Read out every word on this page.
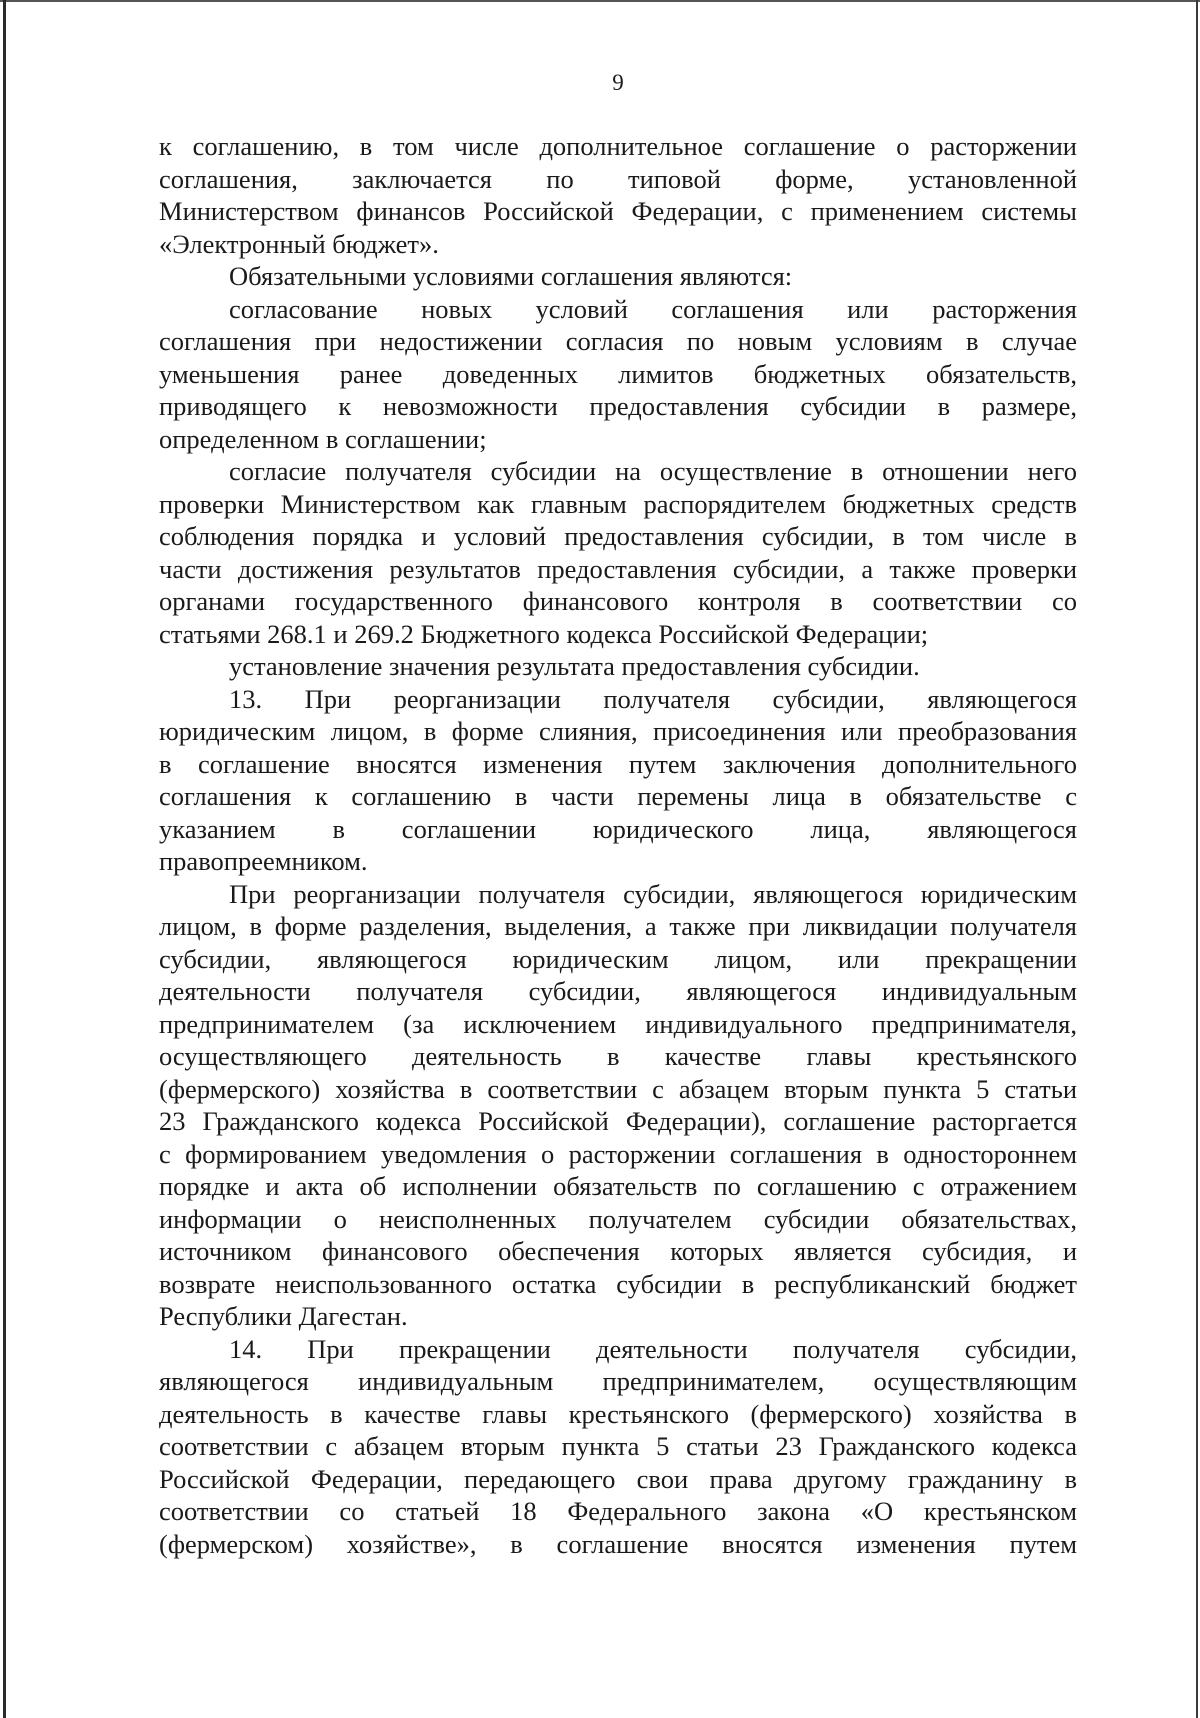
9
к соглашению, в том числе дополнительное соглашение о расторжении
соглашения, заключается по типовой форме, установленной
Министерством финансов Российской Федерации, с применением системы
«Электронный бюджет».
Обязательными условиями соглашения являются:
согласование новых условий соглашения или расторжения
соглашения при недостижении согласия по новым условиям в случае
уменьшения ранее доведенных лимитов бюджетных обязательств,
приводящего к невозможности предоставления субсидии в размере,
определенном в соглашении;
согласие получателя субсидии на осуществление в отношении него
проверки Министерством как главным распорядителем бюджетных средств
соблюдения порядка и условий предоставления субсидии, в том числе в
части достижения результатов предоставления субсидии, а также проверки
органами государственного финансового контроля в соответствии со
статьями 268.1 и 269.2 Бюджетного кодекса Российской Федерации;
установление значения результата предоставления субсидии.
13. При реорганизации получателя субсидии, являющегося
юридическим лицом, в форме слияния, присоединения или преобразования
в соглашение вносятся изменения путем заключения дополнительного
соглашения к соглашению в части перемены лица в обязательстве с
указанием в соглашении юридического лица, являющегося
правопреемником.
При реорганизации получателя субсидии, являющегося юридическим
лицом, в форме разделения, выделения, а также при ликвидации получателя
субсидии, являющегося юридическим лицом, или прекращении
деятельности получателя субсидии, являющегося индивидуальным
предпринимателем (за исключением индивидуального предпринимателя,
осуществляющего деятельность в качестве главы крестьянского
(фермерского) хозяйства в соответствии с абзацем вторым пункта 5 статьи
23 Гражданского кодекса Российской Федерации), соглашение расторгается
с формированием уведомления о расторжении соглашения в одностороннем
порядке и акта об исполнении обязательств по соглашению с отражением
информации о неисполненных получателем субсидии обязательствах,
источником финансового обеспечения которых является субсидия, и
возврате неиспользованного остатка субсидии в республиканский бюджет
Республики Дагестан.
14. При прекращении деятельности получателя субсидии,
являющегося индивидуальным предпринимателем, осуществляющим
деятельность в качестве главы крестьянского (фермерского) хозяйства в
соответствии с абзацем вторым пункта 5 статьи 23 Гражданского кодекса
Российской Федерации, передающего свои права другому гражданину в
соответствии со статьей 18 Федерального закона «О крестьянском
(фермерском) хозяйстве», в соглашение вносятся изменения путем
